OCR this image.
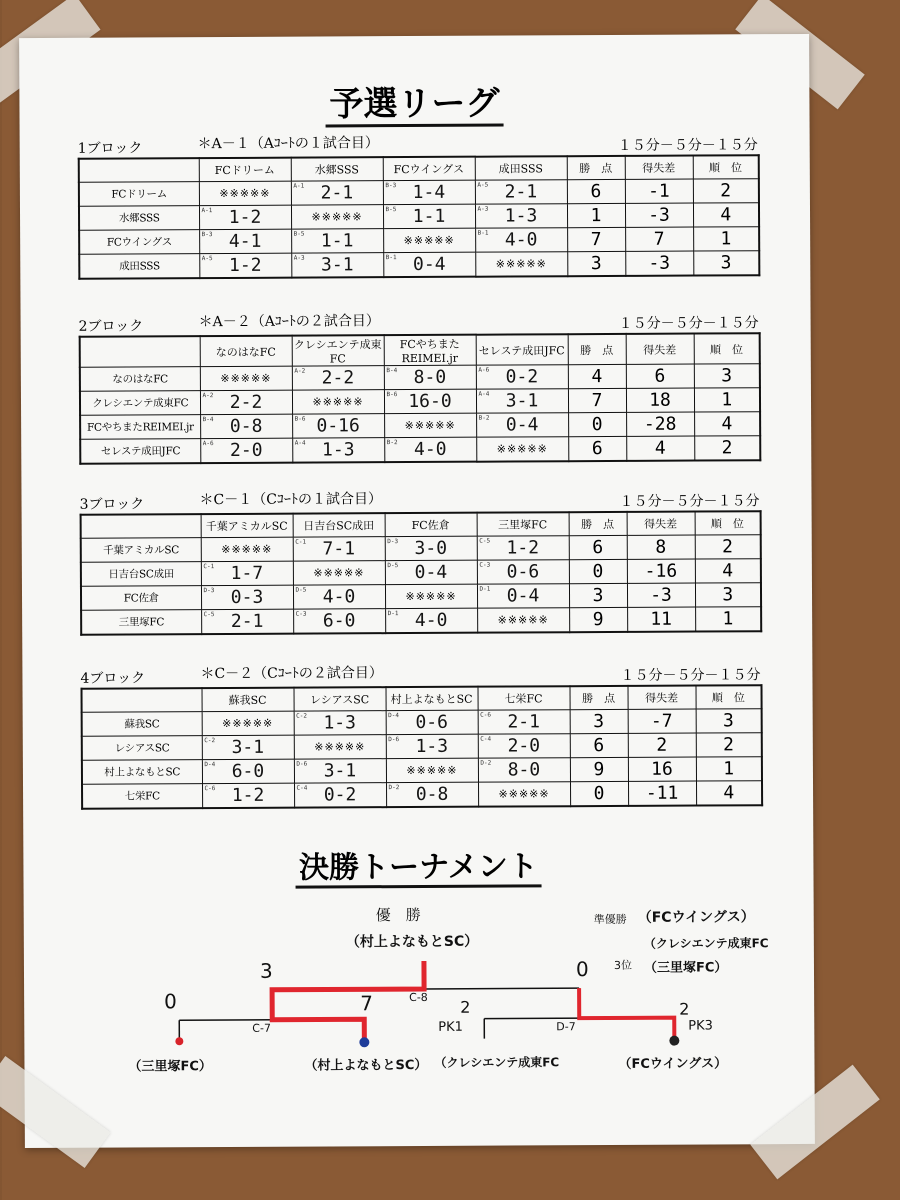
予選リーグ
1ブロック	＊A－１（Aｺｰﾄの１試合目）	１５分－５分－１５分
	FCドリーム	水郷SSS	FCウイングス	成田SSS	勝　点	得失差	順　位
FCドリーム	※※※※※	A-1 2-1	B-3 1-4	A-5 2-1	6	-1	2
水郷SSS	A-1 1-2	※※※※※	B-5 1-1	A-3 1-3	1	-3	4
FCウイングス	B-3 4-1	B-5 1-1	※※※※※	B-1 4-0	7	7	1
成田SSS	A-5 1-2	A-3 3-1	B-1 0-4	※※※※※	3	-3	3
2ブロック	＊A－２（Aｺｰﾄの２試合目）	１５分－５分－１５分
	なのはなFC	クレシエンテ成東FC	FCやちまたREIMEI.jr	セレステ成田JFC	勝　点	得失差	順　位
なのはなFC	※※※※※	A-2 2-2	B-4 8-0	A-6 0-2	4	6	3
クレシエンテ成東FC	A-2 2-2	※※※※※	B-6 16-0	A-4 3-1	7	18	1
FCやちまたREIMEI.jr	B-4 0-8	B-6 0-16	※※※※※	B-2 0-4	0	-28	4
セレステ成田JFC	A-6 2-0	A-4 1-3	B-2 4-0	※※※※※	6	4	2
3ブロック	＊C－１（Cｺｰﾄの１試合目）	１５分－５分－１５分
	千葉アミカルSC	日吉台SC成田	FC佐倉	三里塚FC	勝　点	得失差	順　位
千葉アミカルSC	※※※※※	C-1 7-1	D-3 3-0	C-5 1-2	6	8	2
日吉台SC成田	C-1 1-7	※※※※※	D-5 0-4	C-3 0-6	0	-16	4
FC佐倉	D-3 0-3	D-5 4-0	※※※※※	D-1 0-4	3	-3	3
三里塚FC	C-5 2-1	C-3 6-0	D-1 4-0	※※※※※	9	11	1
4ブロック	＊C－２（Cｺｰﾄの２試合目）	１５分－５分－１５分
	蘇我SC	レシアスSC	村上よなもとSC	七栄FC	勝　点	得失差	順　位
蘇我SC	※※※※※	C-2 1-3	D-4 0-6	C-6 2-1	3	-7	3
レシアスSC	C-2 3-1	※※※※※	D-6 1-3	C-4 2-0	6	2	2
村上よなもとSC	D-4 6-0	D-6 3-1	※※※※※	D-2 8-0	9	16	1
七栄FC	C-6 1-2	C-4 0-2	D-2 0-8	※※※※※	0	-11	4
決勝トーナメント
優　勝
（村上よなもとSC）
準優勝 （FCウイングス）
3位
（クレシエンテ成東FC
（三里塚FC）
3	0
C-8
0	7
C-7
2	2
D-7
PK1	PK3
（三里塚FC）	（村上よなもとSC） （クレシエンテ成東FC	（FCウイングス）
